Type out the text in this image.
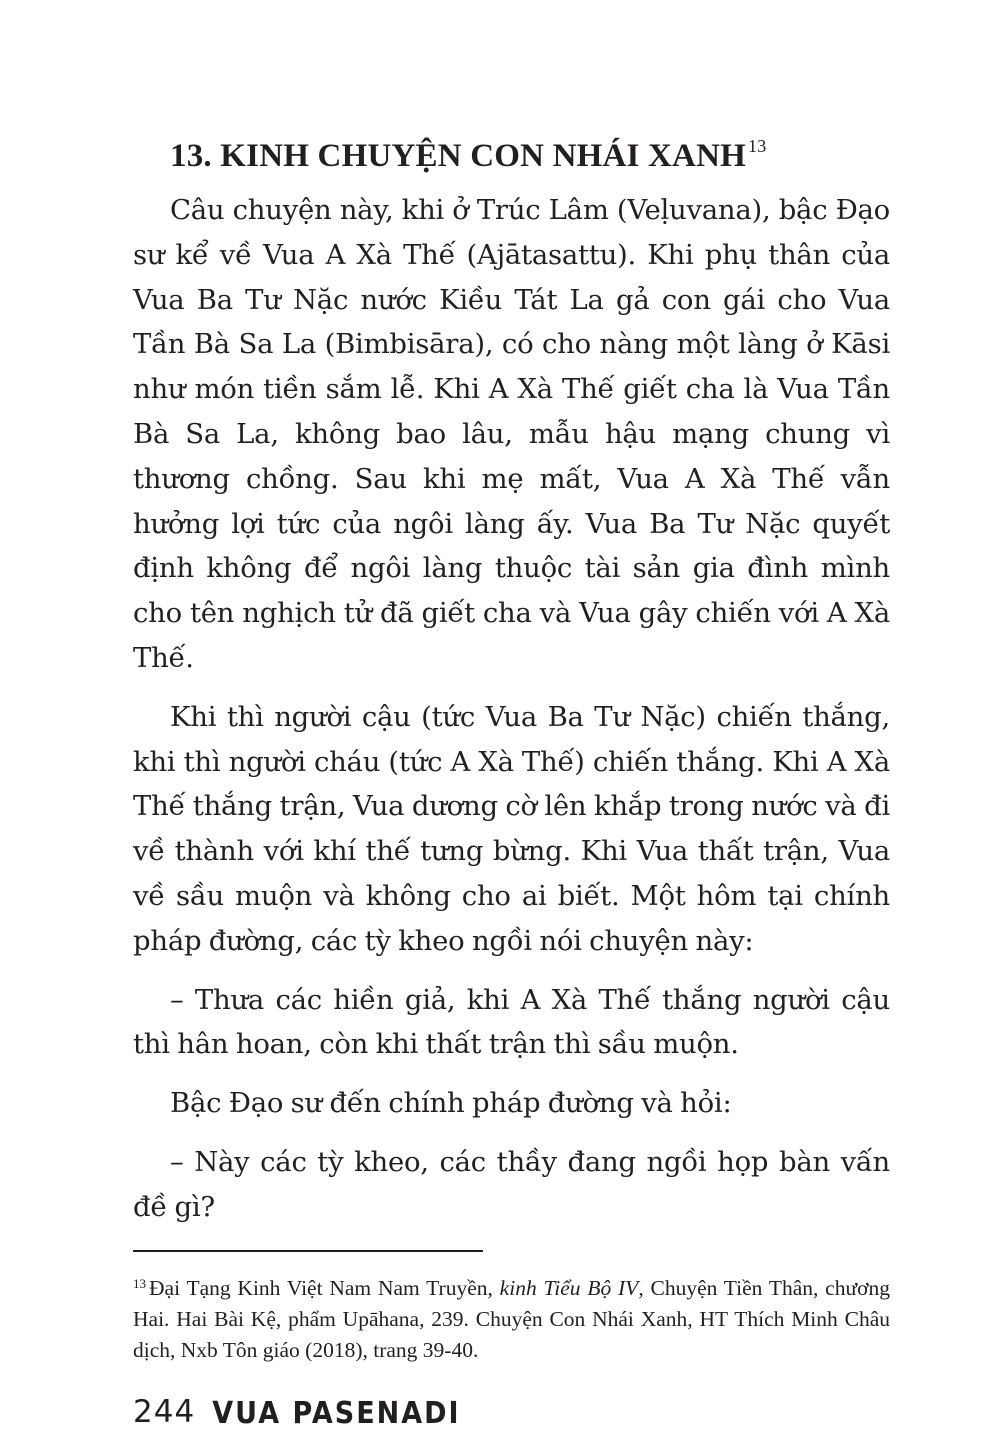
13. KINH CHUYỆN CON NHÁI XANH $^{13}$

Câu chuyện này, khi ở Trúc Lâm (Veḷuvana), bậc Đạo sư kể về Vua A Xà Thế (Ajātasattu). Khi phụ thân của Vua Ba Tư Nặc nước Kiều Tát La gả con gái cho Vua Tần Bà Sa La (Bimbisāra), có cho nàng một làng ở Kāsi như món tiền sắm lễ. Khi A Xà Thế giết cha là Vua Tần Bà Sa La, không bao lâu, mẫu hậu mạng chung vì thương chồng. Sau khi mẹ mất, Vua A Xà Thế vẫn hưởng lợi tức của ngôi làng ấy. Vua Ba Tư Nặc quyết định không để ngôi làng thuộc tài sản gia đình mình cho tên nghịch tử đã giết cha và Vua gây chiến với A Xà Thế.

Khi thì người cậu (tức Vua Ba Tư Nặc) chiến thắng, khi thì người cháu (tức A Xà Thế) chiến thắng. Khi A Xà Thế thắng trận, Vua dương cờ lên khắp trong nước và đi về thành với khí thế tưng bừng. Khi Vua thất trận, Vua về sầu muộn và không cho ai biết. Một hôm tại chính pháp đường, các tỳ kheo ngồi nói chuyện này:

– Thưa các hiền giả, khi A Xà Thế thắng người cậu thì hân hoan, còn khi thất trận thì sầu muộn.

Bậc Đạo sư đến chính pháp đường và hỏi:

– Này các tỳ kheo, các thầy đang ngồi họp bàn vấn đề gì?

$^{13}$ Đại Tạng Kinh Việt Nam Nam Truyền, kinh Tiểu Bộ IV, Chuyện Tiền Thân, chương Hai. Hai Bài Kệ, phẩm Upāhana, 239. Chuyện Con Nhái Xanh, HT Thích Minh Châu dịch, Nxb Tôn giáo (2018), trang 39-40.

244 VUA PASENADI
